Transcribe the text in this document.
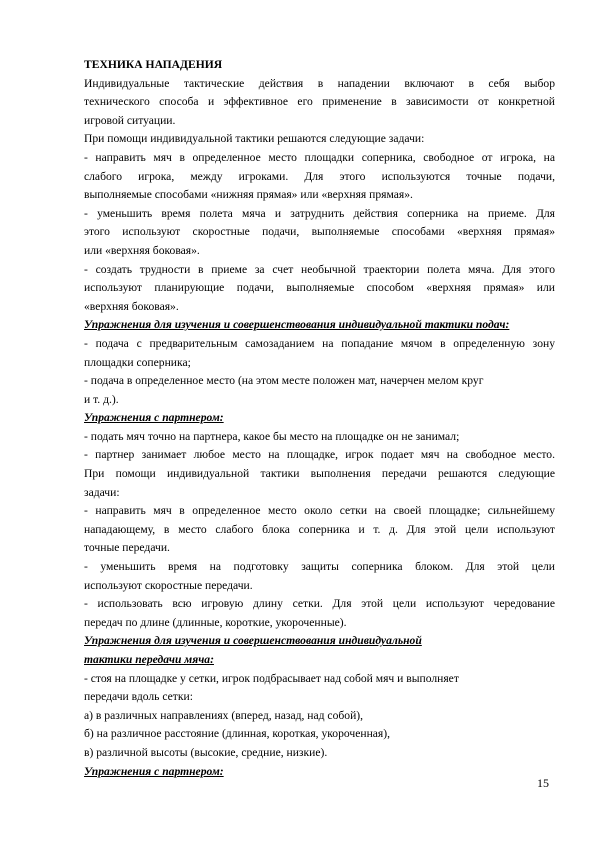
ТЕХНИКА НАПАДЕНИЯ

Индивидуальные тактические действия в нападении включают в себя выбор

технического способа и эффективное его применение в зависимости от конкретной

игровой ситуации.

При помощи индивидуальной тактики решаются следующие задачи:

- направить мяч в определенное место площадки соперника, свободное от игрока, на

слабого игрока, между игроками. Для этого используются точные подачи,

выполняемые способами «нижняя прямая» или «верхняя прямая».

- уменьшить время полета мяча и затруднить действия соперника на приеме. Для

этого используют скоростные подачи, выполняемые способами «верхняя прямая»

или «верхняя боковая».

- создать трудности в приеме за счет необычной траектории полета мяча. Для этого

используют планирующие подачи, выполняемые способом «верхняя прямая» или

«верхняя боковая».

Упражнения для изучения и совершенствования индивидуальной тактики подач:

- подача с предварительным самозаданием на попадание мячом в определенную зону

площадки соперника;

- подача в определенное место (на этом месте положен мат, начерчен мелом круг

и т. д.).

Упражнения с партнером:

- подать мяч точно на партнера, какое бы место на площадке он не занимал;

- партнер занимает любое место на площадке, игрок подает мяч на свободное место.

При помощи индивидуальной тактики выполнения передачи решаются следующие

задачи:

- направить мяч в определенное место около сетки на своей площадке; сильнейшему

нападающему, в место слабого блока соперника и т. д. Для этой цели используют

точные передачи.

- уменьшить время на подготовку защиты соперника блоком. Для этой цели

используют скоростные передачи.

- использовать всю игровую длину сетки. Для этой цели используют чередование

передач по длине (длинные, короткие, укороченные).

Упражнения для изучения и совершенствования индивидуальной

тактики передачи мяча:

- стоя на площадке у сетки, игрок подбрасывает над собой мяч и выполняет

передачи вдоль сетки:

а) в различных направлениях (вперед, назад, над собой),

б) на различное расстояние (длинная, короткая, укороченная),

в) различной высоты (высокие, средние, низкие).

Упражнения с партнером:

15
